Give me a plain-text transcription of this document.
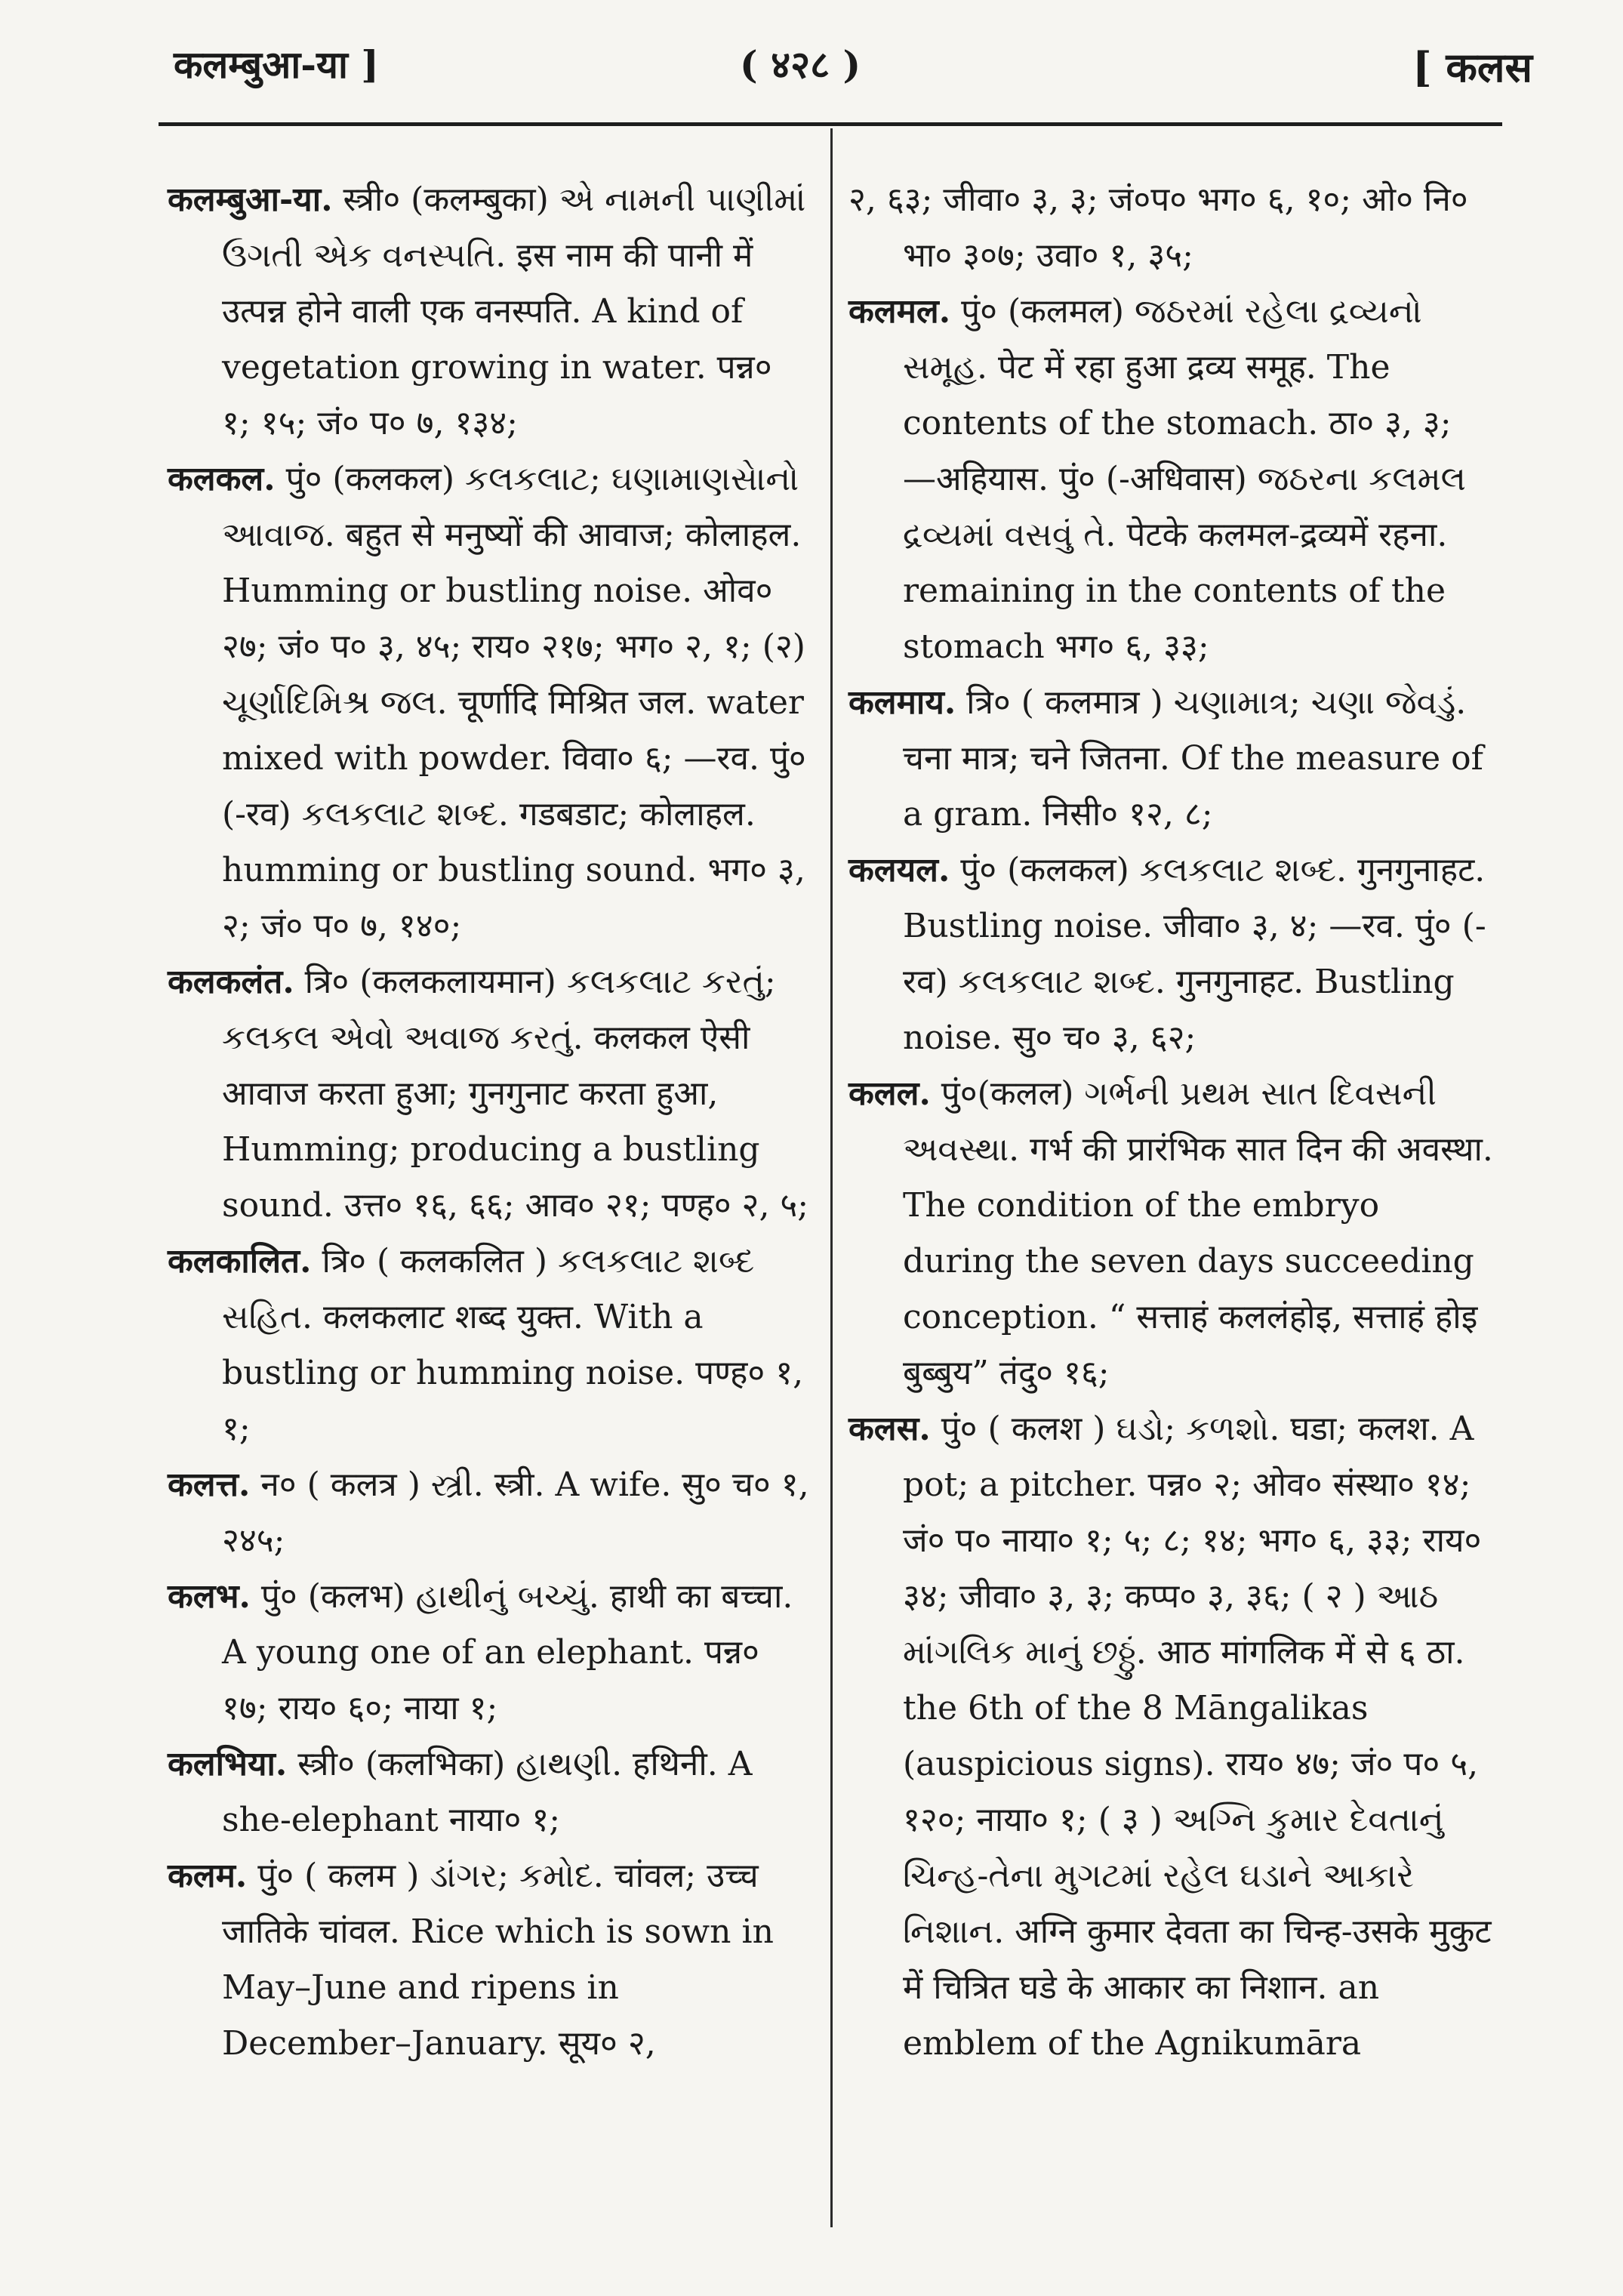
कलम्बुआ-या ]	( ४२८ )	[ कलस

कलम्बुआ-या. स्त्री० (कलम्बुका) એ નામની પાણીમાં ઉગતી એક વનસ્પતિ. इस नाम की पानी में उत्पन्न होने वाली एक वनस्पति. A kind of vegetation growing in water. पन्न० १; १५; जं० प० ७, १३४;

कलकल. पुं० (कलकल) કલકલાટ; ઘણામાણસેાનો આવાજ. बहुत से मनुष्यों की आवाज; कोलाहल. Humming or bustling noise. ओव० २७; जं० प० ३, ४५; राय० २१७; भग० २, १; (२) ચૂર્ણાદિમિશ્ર જલ. चूर्णादि मिश्रित जल. water mixed with powder. विवा० ६; —रव. पुं० (-रव) કલકલાટ શબ્દ. गडबडाट; कोलाहल. humming or bustling sound. भग० ३, २; जं० प० ७, १४०;

कलकलंत. त्रि० (कलकलायमान) કલકલાટ કરતું; કલકલ એવો અવાજ કરતું. कलकल ऐसी आवाज करता हुआ; गुनगुनाट करता हुआ, Humming; producing a bustling sound. उत्त० १६, ६६; आव० २१; पण्ह० २, ५;

कलकालित. त्रि० ( कलकलित ) કલકલાટ શબ્દ સહિત. कलकलाट शब्द युक्त. With a bustling or humming noise. पण्ह० १, १;

कलत्त. न० ( कलत्र ) સ્ત્રી. स्त्री. A wife. सु० च० १, २४५;

कलभ. पुं० (कलभ) હાથીનું બચ્ચું. हाथी का बच्चा. A young one of an elephant. पन्न० १७; राय० ६०; नाया १;

कलभिया. स्त्री० (कलभिका) હાથણી. हथिनी. A she-elephant नाया० १;

कलम. पुं० ( कलम ) ડાંગર; કમોદ. चांवल; उच्च जातिके चांवल. Rice which is sown in May–June and ripens in December–January. सूय० २,

२, ६३; जीवा० ३, ३; जं०प० भग० ६, १०; ओ० नि० भा० ३०७; उवा० १, ३५;

कलमल. पुं० (कलमल) જઠરમાં રહેલા દ્રવ્યનો સમૂહ. पेट में रहा हुआ द्रव्य समूह. The contents of the stomach. ठा० ३, ३; —अहियास. पुं० (-अधिवास) જઠરના કલમલ દ્રવ્યમાં વસવું તે. पेटके कलमल-द्रव्यमें रहना. remaining in the contents of the stomach भग० ६, ३३;

कलमाय. त्रि० ( कलमात्र ) ચણામાત્ર; ચણા જેવડું. चना मात्र; चने जितना. Of the measure of a gram. निसी० १२, ८;

कलयल. पुं० (कलकल) કલકલાટ શબ્દ. गुनगुनाहट. Bustling noise. जीवा० ३, ४; —रव. पुं० (-रव) કલકલાટ શબ્દ. गुनगुनाहट. Bustling noise. सु० च० ३, ६२;

कलल. पुं०(कलल) ગર્ભની પ્રથમ સાત દિવસની અવસ્થા. गर्भ की प्रारंभिक सात दिन की अवस्था. The condition of the embryo during the seven days succeeding conception. “ सत्ताहं कललंहोइ, सत्ताहं होइ बुब्बुय” तंदु० १६;

कलस. पुं० ( कलश ) ઘડો; કળશો. घडा; कलश. A pot; a pitcher. पन्न० २; ओव० संस्था० १४; जं० प० नाया० १; ५; ८; १४; भग० ६, ३३; राय० ३४; जीवा० ३, ३; कप्प० ३, ३६; ( २ ) આઠ માંગલિક માનું છઠ્ઠું. आठ मांगलिक में से ६ ठा. the 6th of the 8 Māngalikas (auspicious signs). राय० ४७; जं० प० ५, १२०; नाया० १; ( ३ ) અગ્નિ કુમાર દેવતાનું ચિન્હ-તેના મુગટમાં રહેલ ઘડાને આકારે નિશાન. अग्नि कुमार देवता का चिन्ह-उसके मुकुट में चित्रित घडे के आकार का निशान. an emblem of the Agnikumāra
